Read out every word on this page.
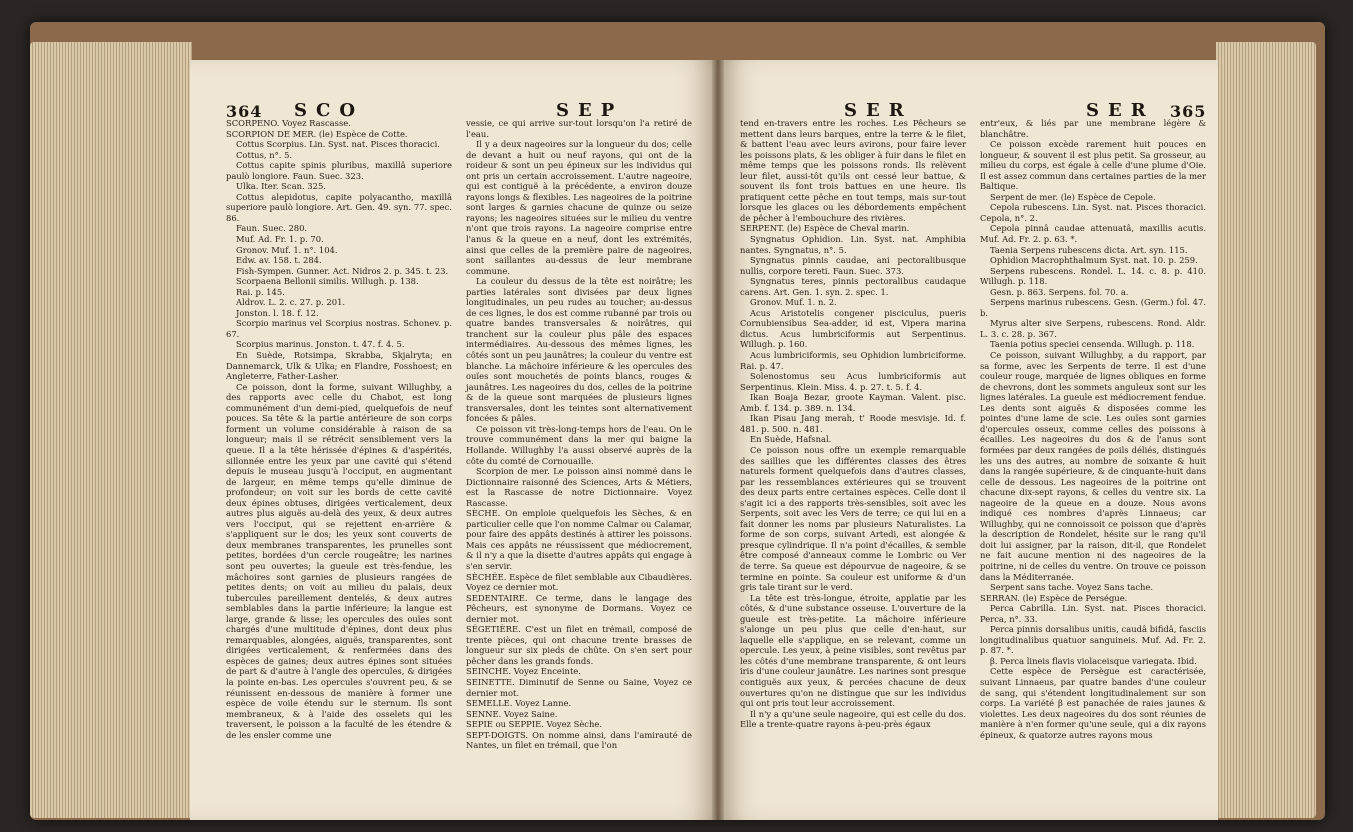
364 SCO	SEP

SCORPENO. Voyez Rascasse.

SCORPION DE MER. (le) Espèce de Cotte.

Cottus Scorpius. Lin. Syst. nat. Pisces thoracici.

Cottus, n°. 5.

Cottus capite spinis pluribus, maxillâ superiore paulò longiore. Faun. Suec. 323.

Ulka. Iter. Scan. 325.

Cottus alepidotus, capite polyacantho, maxillâ superiore paulò longiore. Art. Gen. 49. syn. 77. spec. 86.

Faun. Suec. 280.

Muf. Ad. Fr. 1. p. 70.

Gronov. Muf. 1. n°. 104.

Edw. av. 158. t. 284.

Fish-Sympen. Gunner. Act. Nidros 2. p. 345. t. 23.

Scorpaena Bellonii similis. Willugh. p. 138.

Rai. p. 145.

Aldrov. L. 2. c. 27. p. 201.

Jonston. l. 18. f. 12.

Scorpio marinus vel Scorpius nostras. Schonev. p. 67.

Scorpius marinus. Jonston. t. 47. f. 4. 5.

En Suède, Rotsimpa, Skrabba, Skjalryta; en Dannemarck, Ulk & Ulka; en Flandre, Fosshoest; en Angleterre, Father-Lasher.

Ce poisson, dont la forme, suivant Willughby, a des rapports avec celle du Chabot, est long communément d'un demi-pied, quelquefois de neuf pouces. Sa tête & la partie antérieure de son corps forment un volume considérable à raison de sa longueur; mais il se rétrécit sensiblement vers la queue. Il a la tête hérissée d'épines & d'aspérités, sillonnée entre les yeux par une cavité qui s'étend depuis le museau jusqu'à l'occiput, en augmentant de largeur, en même temps qu'elle diminue de profondeur; on voit sur les bords de cette cavité deux épines obtuses, dirigées verticalement, deux autres plus aiguës au-delà des yeux, & deux autres vers l'occiput, qui se rejettent en-arrière & s'appliquent sur le dos; les yeux sont couverts de deux membranes transparentes, les prunelles sont petites, bordées d'un cercle rougeâtre; les narines sont peu ouvertes; la gueule est très-fendue, les mâchoires sont garnies de plusieurs rangées de petites dents; on voit au milieu du palais, deux tubercules pareillement dentelés, & deux autres semblables dans la partie inférieure; la langue est large, grande & lisse; les opercules des ouïes sont chargés d'une multitude d'épines, dont deux plus remarquables, alongées, aiguës, transparentes, sont dirigées verticalement, & renfermées dans des espèces de gaines; deux autres épines sont situées de part & d'autre à l'angle des opercules, & dirigées la pointe en-bas. Les opercules s'ouvrent peu, & se réunissent en-dessous de manière à former une espèce de voile étendu sur le sternum. Ils sont membraneux, & à l'aide des osselets qui les traversent, le poisson a la faculté de les étendre & de les ensler comme une

vessie, ce qui arrive sur-tout lorsqu'on l'a retiré de l'eau.

Il y a deux nageoires sur la longueur du dos; celle de devant a huit ou neuf rayons, qui ont de la roideur & sont un peu épineux sur les individus qui ont pris un certain accroissement. L'autre nageoire, qui est contiguë à la précédente, a environ douze rayons longs & flexibles. Les nageoires de la poitrine sont larges & garnies chacune de quinze ou seize rayons; les nageoires situées sur le milieu du ventre n'ont que trois rayons. La nageoire comprise entre l'anus & la queue en a neuf, dont les extrémités, ainsi que celles de la première paire de nageoires, sont saillantes au-dessus de leur membrane commune.

La couleur du dessus de la tête est noirâtre; les parties latérales sont divisées par deux lignes longitudinales, un peu rudes au toucher; au-dessus de ces lignes, le dos est comme rubanné par trois ou quatre bandes transversales & noirâtres, qui tranchent sur la couleur plus pâle des espaces intermédiaires. Au-dessous des mêmes lignes, les côtés sont un peu jaunâtres; la couleur du ventre est blanche. La mâchoire inférieure & les opercules des ouïes sont mouchetés de points blancs, rouges & jaunâtres. Les nageoires du dos, celles de la poitrine & de la queue sont marquées de plusieurs lignes transversales, dont les teintes sont alternativement foncées & pâles.

Ce poisson vit très-long-temps hors de l'eau. On le trouve communément dans la mer qui baigne la Hollande. Willughby l'a aussi observé auprès de la côte du comté de Cornouaille.

Scorpion de mer. Le poisson ainsi nommé dans le Dictionnaire raisonné des Sciences, Arts & Métiers, est la Rascasse de notre Dictionnaire. Voyez Rascasse.

SÈCHE. On emploie quelquefois les Sèches, & en particulier celle que l'on nomme Calmar ou Calamar, pour faire des appâts destinés à attirer les poissons. Mais ces appâts ne réussissent que médiocrement, & il n'y a que la disette d'autres appâts qui engage à s'en servir.

SÈCHÉE. Espèce de filet semblable aux Cibaudières. Voyez ce dernier mot.

SEDENTAIRE. Ce terme, dans le langage des Pêcheurs, est synonyme de Dormans. Voyez ce dernier mot.

SÉGETIÈRE. C'est un filet en trémail, composé de trente pièces, qui ont chacune trente brasses de longueur sur six pieds de chûte. On s'en sert pour pêcher dans les grands fonds.

SEINCHE. Voyez Enceinte.

SEINETTE. Diminutif de Senne ou Saine, Voyez ce dernier mot.

SEMELLE. Voyez Lanne.

SENNE. Voyez Saine.

SEPIE ou SEPPIE. Voyez Sèche.

SEPT-DOIGTS. On nomme ainsi, dans l'amirauté de Nantes, un filet en trémail, que l'on

SER	SER 365

tend en-travers entre les roches. Les Pêcheurs se mettent dans leurs barques, entre la terre & le filet, & battent l'eau avec leurs avirons, pour faire lever les poissons plats, & les obliger à fuir dans le filet en même temps que les poissons ronds. Ils relèvent leur filet, aussi-tôt qu'ils ont cessé leur battue, & souvent ils font trois battues en une heure. Ils pratiquent cette pêche en tout temps, mais sur-tout lorsque les glaces ou les débordements empêchent de pêcher à l'embouchure des rivières.

SERPENT. (le) Espèce de Cheval marin.

Syngnatus Ophidion. Lin. Syst. nat. Amphibia nantes. Syngnatus, n°. 5.

Syngnatus pinnis caudae, ani pectoralibusque nullis, corpore tereti. Faun. Suec. 373.

Syngnatus teres, pinnis pectoralibus caudaque carens. Art. Gen. 1. syn. 2. spec. 1.

Gronov. Muf. 1. n. 2.

Acus Aristotelis congener pisciculus, pueris Cornubiensibus Sea-adder, id est, Vipera marina dictus. Acus lumbriciformis aut Serpentinus. Willugh. p. 160.

Acus lumbriciformis, seu Ophidion lumbriciforme. Rai. p. 47.

Solenostomus seu Acus lumbriciformis aut Serpentinus. Klein. Miss. 4. p. 27. t. 5. f. 4.

Ikan Boaja Bezar, groote Kayman. Valent. pisc. Amb. f. 134. p. 389. n. 134.

Ikan Pisau Jang merah, t' Roode mesvisje. Id. f. 481. p. 500. n. 481.

En Suède, Hafsnal.

Ce poisson nous offre un exemple remarquable des saillies que les différentes classes des êtres naturels forment quelquefois dans d'autres classes, par les ressemblances extérieures qui se trouvent des deux parts entre certaines espèces. Celle dont il s'agit ici a des rapports très-sensibles, soit avec les Serpents, soit avec les Vers de terre; ce qui lui en a fait donner les noms par plusieurs Naturalistes. La forme de son corps, suivant Artedi, est alongée & presque cylindrique. Il n'a point d'écailles, & semble être composé d'anneaux comme le Lombric ou Ver de terre. Sa queue est dépourvue de nageoire, & se termine en pointe. Sa couleur est uniforme & d'un gris tale tirant sur le verd.

La tête est très-longue, étroite, applatie par les côtés, & d'une substance osseuse. L'ouverture de la gueule est très-petite. La mâchoire inférieure s'alonge un peu plus que celle d'en-haut, sur laquelle elle s'applique, en se relevant, comme un opercule. Les yeux, à peine visibles, sont revêtus par les côtés d'une membrane transparente, & ont leurs iris d'une couleur jaunâtre. Les narines sont presque contiguës aux yeux, & percées chacune de deux ouvertures qu'on ne distingue que sur les individus qui ont pris tout leur accroissement.

Il n'y a qu'une seule nageoire, qui est celle du dos. Elle a trente-quatre rayons à-peu-près égaux

entr'eux, & liés par une membrane légère & blanchâtre.

Ce poisson excède rarement huit pouces en longueur, & souvent il est plus petit. Sa grosseur, au milieu du corps, est égale à celle d'une plume d'Oie. Il est assez commun dans certaines parties de la mer Baltique.

Serpent de mer. (le) Espèce de Cepole.

Cepola rubescens. Lin. Syst. nat. Pisces thoracici. Cepola, n°. 2.

Cepola pinnâ caudae attenuatâ, maxillis acutis. Muf. Ad. Fr. 2. p. 63. *.

Taenia Serpens rubescens dicta. Art. syn. 115.

Ophidion Macrophthalmum Syst. nat. 10. p. 259.

Serpens rubescens. Rondel. L. 14. c. 8. p. 410. Willugh. p. 118.

Gesn. p. 863. Serpens. fol. 70. a.

Serpens marinus rubescens. Gesn. (Germ.) fol. 47. b.

Myrus alter sive Serpens, rubescens. Rond. Aldr. L. 3. c. 28. p. 367.

Taenia potius speciei censenda. Willugh. p. 118.

Ce poisson, suivant Willughby, a du rapport, par sa forme, avec les Serpents de terre. Il est d'une couleur rouge, marquée de lignes obliques en forme de chevrons, dont les sommets anguleux sont sur les lignes latérales. La gueule est médiocrement fendue. Les dents sont aiguës & disposées comme les pointes d'une lame de scie. Les ouïes sont garnies d'opercules osseux, comme celles des poissons à écailles. Les nageoires du dos & de l'anus sont formées par deux rangées de poils déliés, distingués les uns des autres, au nombre de soixante & huit dans la rangée supérieure, & de cinquante-huit dans celle de dessous. Les nageoires de la poitrine ont chacune dix-sept rayons, & celles du ventre six. La nageoire de la queue en a douze. Nous avons indiqué ces nombres d'après Linnaeus; car Willughby, qui ne connoissoit ce poisson que d'après la description de Rondelet, hésite sur le rang qu'il doit lui assigner, par la raison, dit-il, que Rondelet ne fait aucune mention ni des nageoires de la poitrine, ni de celles du ventre. On trouve ce poisson dans la Méditerranée.

Serpent sans tache. Voyez Sans tache.

SERRAN. (le) Espèce de Perségue.

Perca Cabrilla. Lin. Syst. nat. Pisces thoracici. Perca, n°. 33.

Perca pinnis dorsalibus unitis, caudâ bifidâ, fasciis longitudinalibus quatuor sanguineis. Muf. Ad. Fr. 2. p. 87. *.

β. Perca lineis flavis violaceisque variegata. Ibid.

Cette espèce de Persègue est caractérisée, suivant Linnaeus, par quatre bandes d'une couleur de sang, qui s'étendent longitudinalement sur son corps. La variété β est panachée de raies jaunes & violettes. Les deux nageoires du dos sont réunies de manière à n'en former qu'une seule, qui a dix rayons épineux, & quatorze autres rayons mous
